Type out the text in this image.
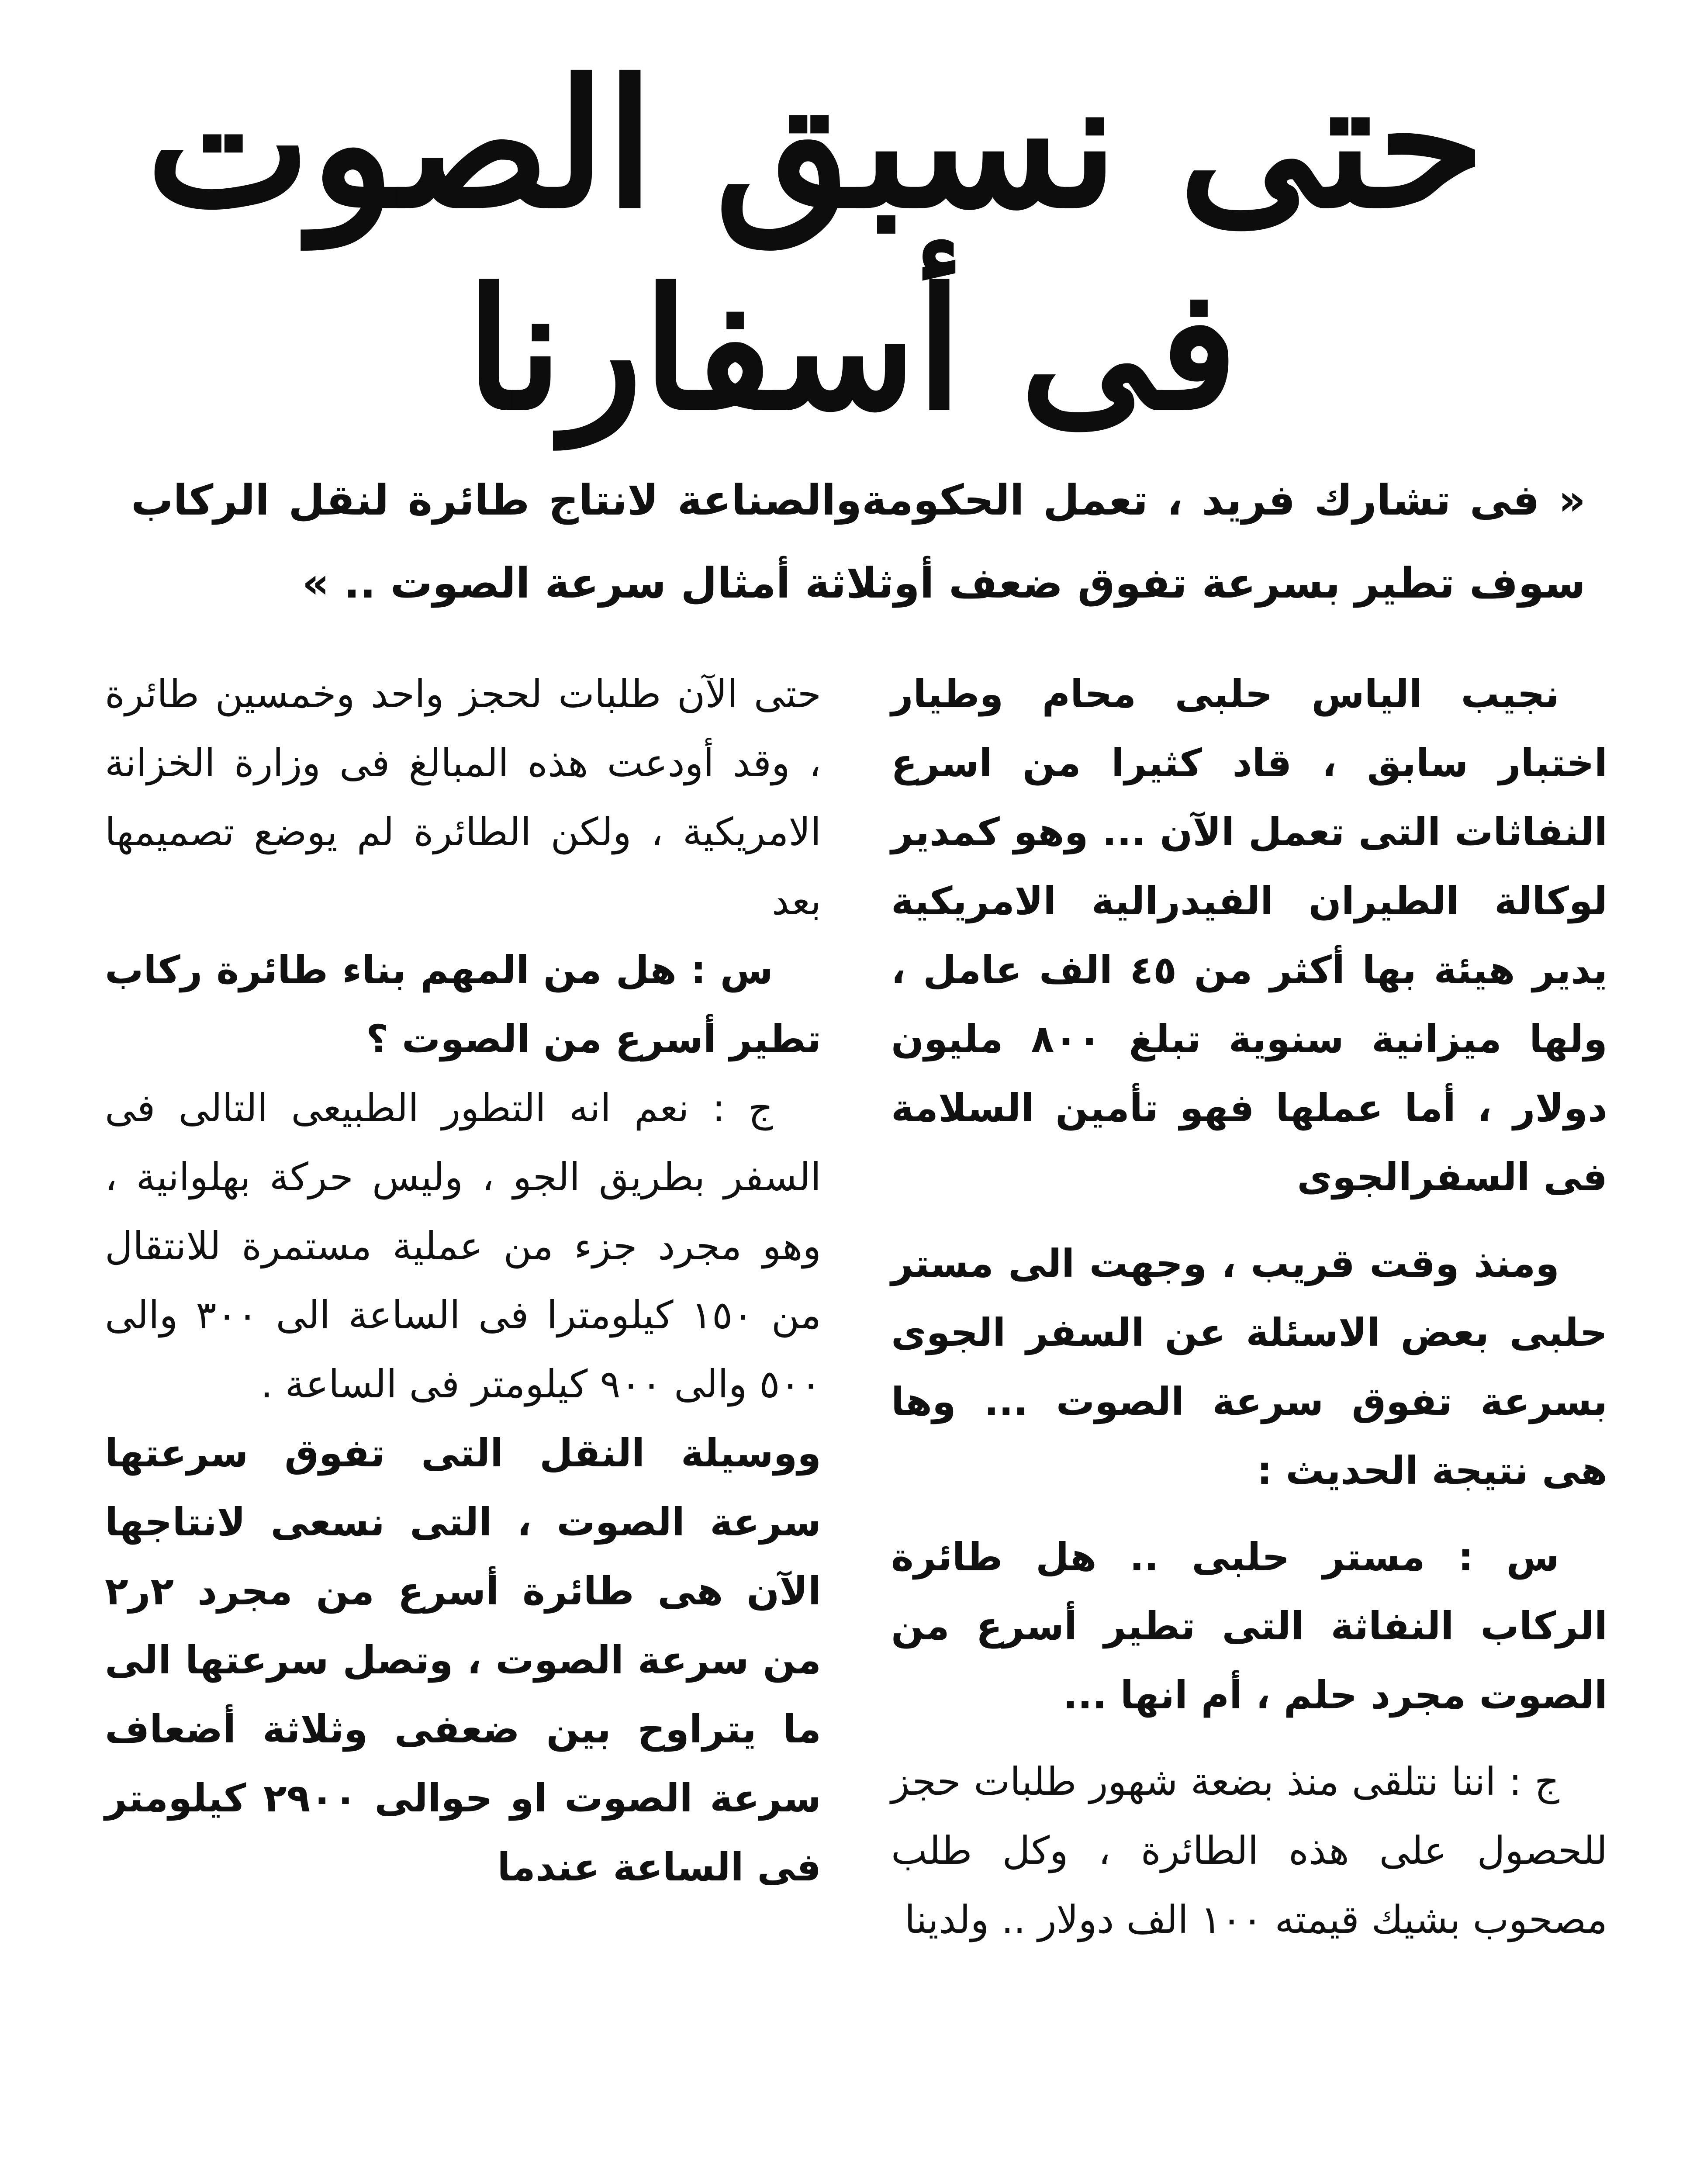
حتى نسبق الصوت
فى أسفارنا
« فى تشارك فريد ، تعمل الحكومةوالصناعة لانتاج طائرة لنقل الركاب سوف تطير بسرعة تفوق ضعف أوثلاثة أمثال سرعة الصوت .. »

نجيب الياس حلبى محام وطيار اختبار سابق ، قاد كثيرا من اسرع النفاثات التى تعمل الآن ... وهو كمدير لوكالة الطيران الفيدرالية الامريكية يدير هيئة بها أكثر من ٤٥ الف عامل ، ولها ميزانية سنوية تبلغ ٨٠٠ مليون دولار ، أما عملها فهو تأمين السلامة فى السفرالجوى

ومنذ وقت قريب ، وجهت الى مستر حلبى بعض الاسئلة عن السفر الجوى بسرعة تفوق سرعة الصوت ... وها هى نتيجة الحديث :

س : مستر حلبى .. هل طائرة الركاب النفاثة التى تطير أسرع من الصوت مجرد حلم ، أم انها ...

ج : اننا نتلقى منذ بضعة شهور طلبات حجز للحصول على هذه الطائرة ، وكل طلب مصحوب بشيك قيمته ١٠٠ الف دولار .. ولدينا

حتى الآن طلبات لحجز واحد وخمسين طائرة ، وقد أودعت هذه المبالغ فى وزارة الخزانة الامريكية ، ولكن الطائرة لم يوضع تصميمها بعد

س : هل من المهم بناء طائرة ركاب تطير أسرع من الصوت ؟

ج : نعم انه التطور الطبيعى التالى فى السفر بطريق الجو ، وليس حركة بهلوانية ، وهو مجرد جزء من عملية مستمرة للانتقال من ١٥٠ كيلومترا فى الساعة الى ٣٠٠ والى ٥٠٠ والى ٩٠٠ كيلومتر فى الساعة .

ووسيلة النقل التى تفوق سرعتها سرعة الصوت ، التى نسعى لانتاجها الآن هى طائرة أسرع من مجرد ٢ر٢ من سرعة الصوت ، وتصل سرعتها الى ما يتراوح بين ضعفى وثلاثة أضعاف سرعة الصوت او حوالى ٢٩٠٠ كيلومتر فى الساعة عندما
